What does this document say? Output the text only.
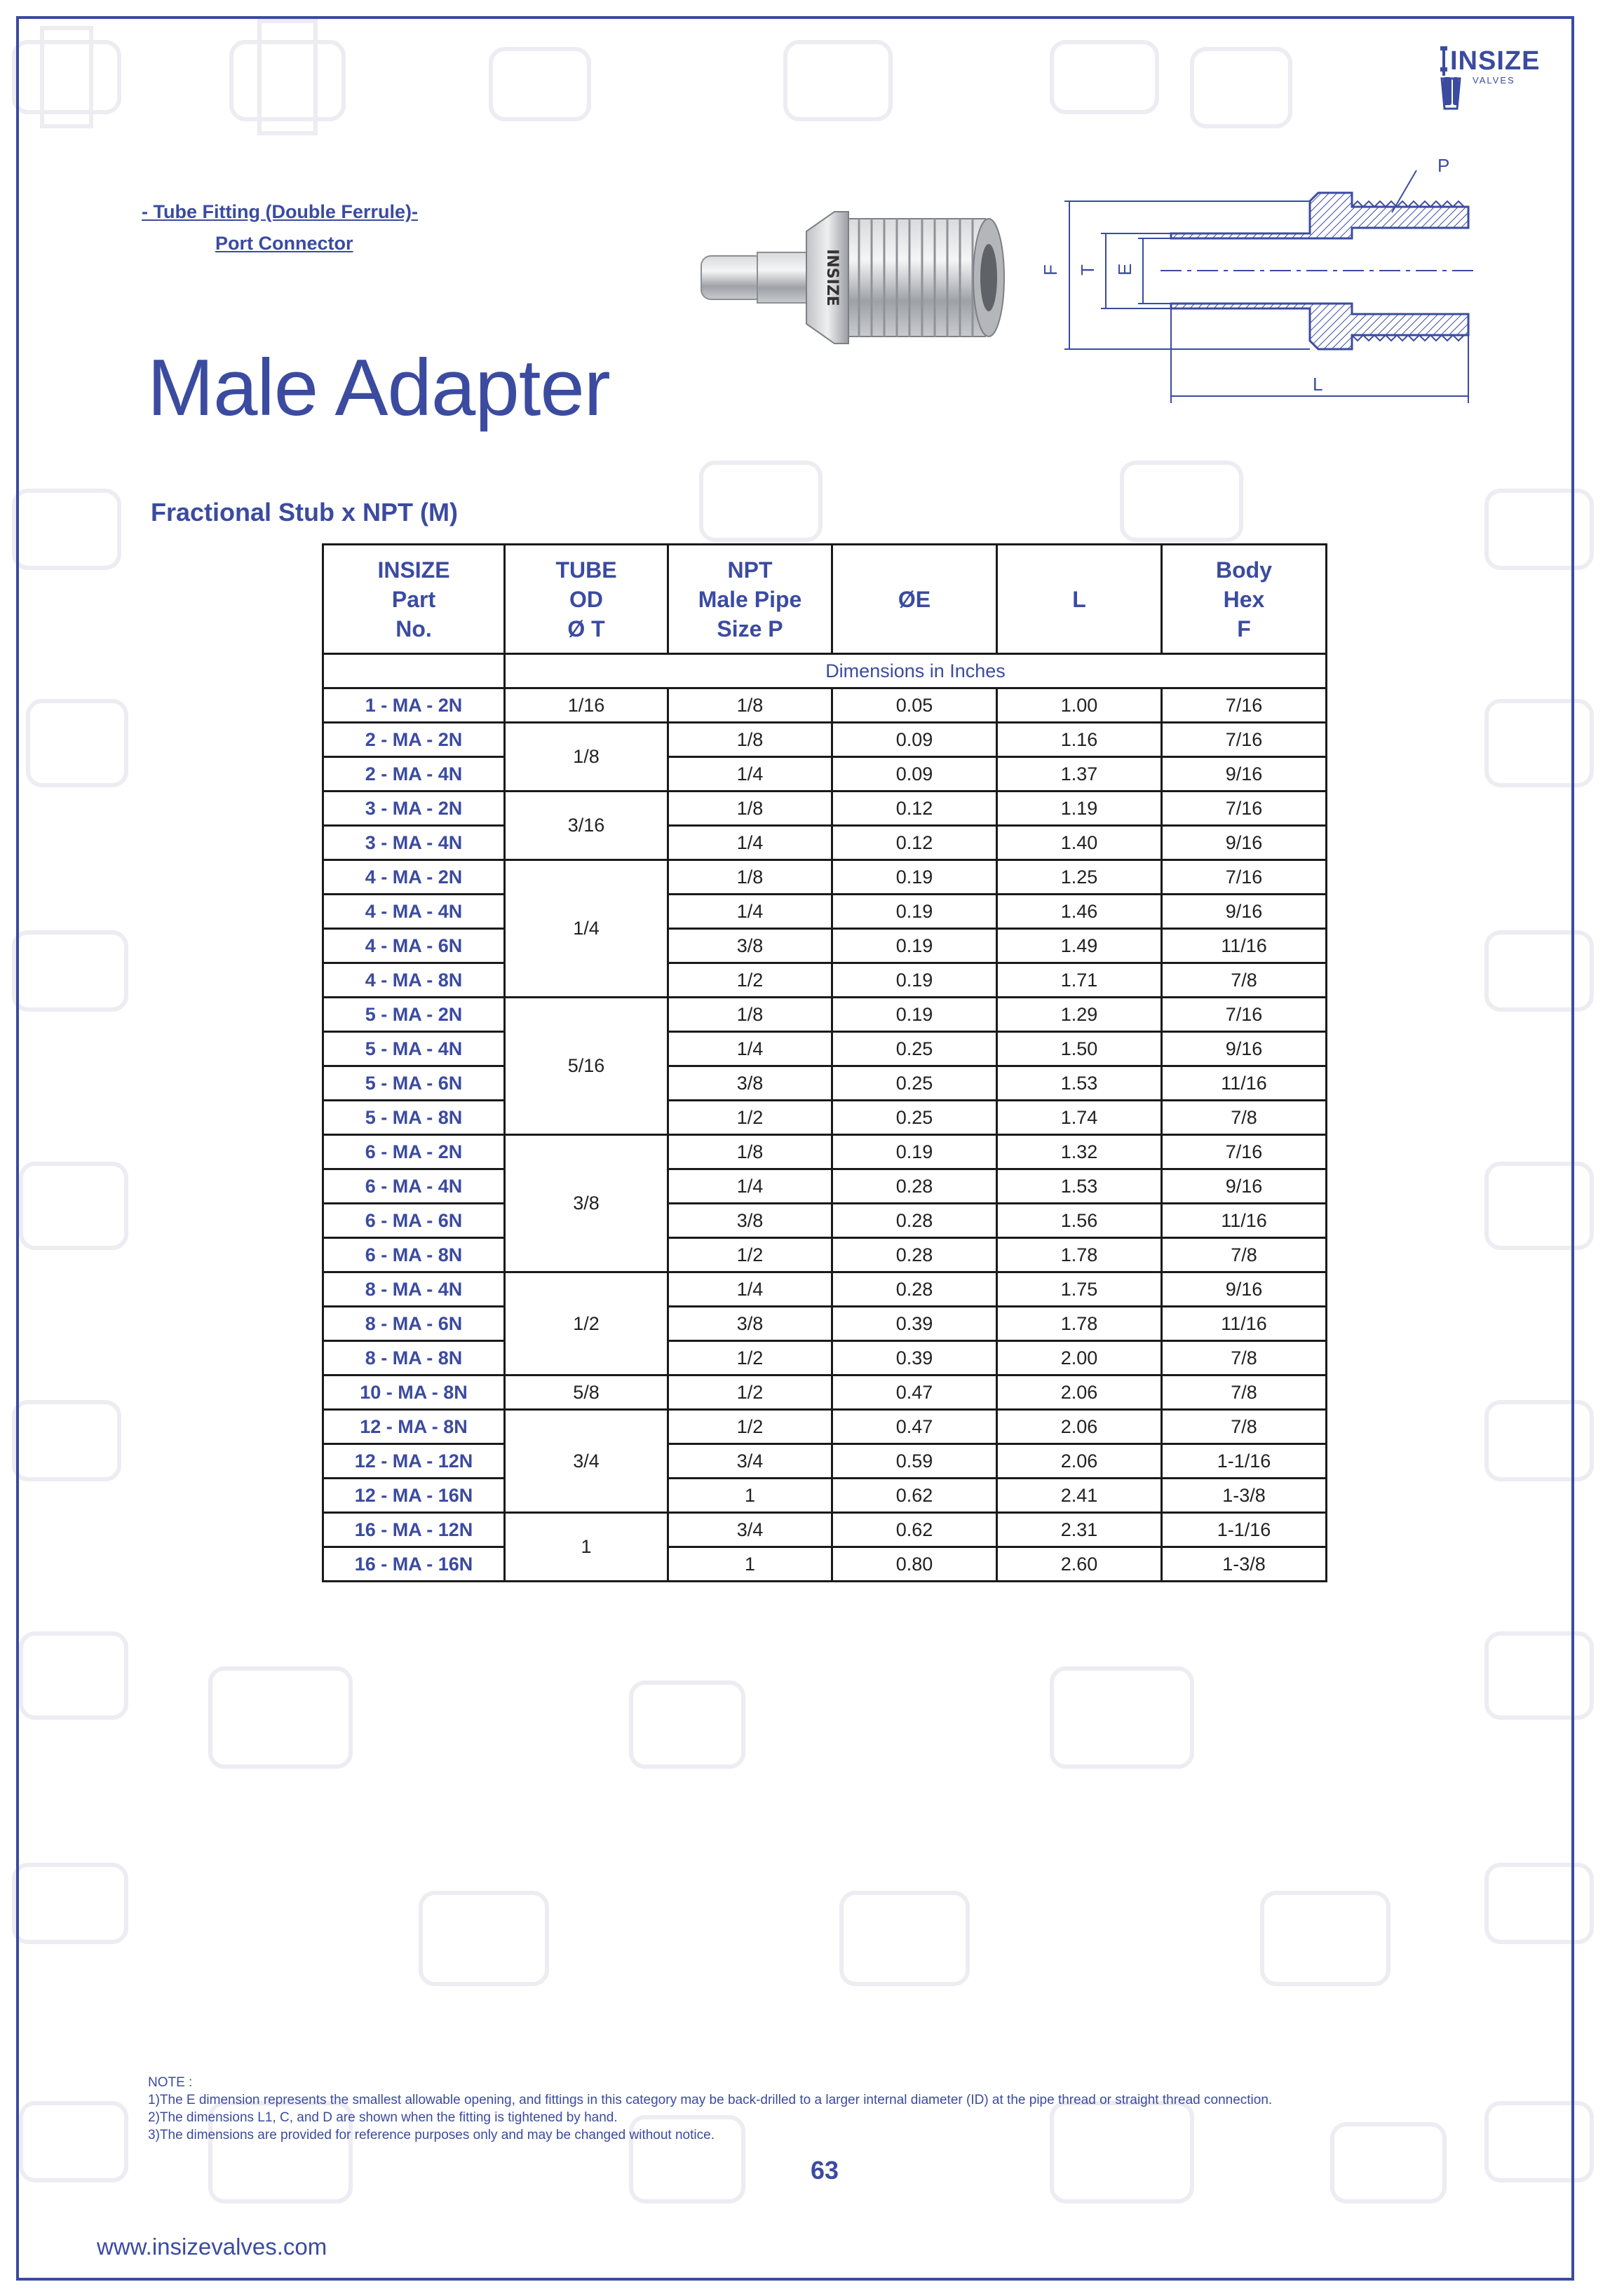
INSIZE
VALVES
- Tube Fitting (Double Ferrule)-
Port Connector
Male Adapter
Fractional Stub x NPT (M)
INSIZE
P
F T E
L
INSIZE
Part
No.	TUBE
OD
Ø T	NPT
Male Pipe
Size P	ØE	L	Body
Hex
F
	Dimensions in Inches				
1 - MA - 2N	1/16	1/8	0.05	1.00	7/16
2 - MA - 2N	1/8	1/8	0.09	1.16	7/16
2 - MA - 4N		1/4	0.09	1.37	9/16
3 - MA - 2N	3/16	1/8	0.12	1.19	7/16
3 - MA - 4N		1/4	0.12	1.40	9/16
4 - MA - 2N	1/4	1/8	0.19	1.25	7/16
4 - MA - 4N		1/4	0.19	1.46	9/16
4 - MA - 6N		3/8	0.19	1.49	11/16
4 - MA - 8N		1/2	0.19	1.71	7/8
5 - MA - 2N	5/16	1/8	0.19	1.29	7/16
5 - MA - 4N		1/4	0.25	1.50	9/16
5 - MA - 6N		3/8	0.25	1.53	11/16
5 - MA - 8N		1/2	0.25	1.74	7/8
6 - MA - 2N	3/8	1/8	0.19	1.32	7/16
6 - MA - 4N		1/4	0.28	1.53	9/16
6 - MA - 6N		3/8	0.28	1.56	11/16
6 - MA - 8N		1/2	0.28	1.78	7/8
8 - MA - 4N	1/2	1/4	0.28	1.75	9/16
8 - MA - 6N		3/8	0.39	1.78	11/16
8 - MA - 8N		1/2	0.39	2.00	7/8
10 - MA - 8N	5/8	1/2	0.47	2.06	7/8
12 - MA - 8N	3/4	1/2	0.47	2.06	7/8
12 - MA - 12N		3/4	0.59	2.06	1-1/16
12 - MA - 16N		1	0.62	2.41	1-3/8
16 - MA - 12N	1	3/4	0.62	2.31	1-1/16
16 - MA - 16N		1	0.80	2.60	1-3/8
NOTE :
1)The E dimension represents the smallest allowable opening, and fittings in this category may be back-drilled to a larger internal diameter (ID) at the pipe thread or straight thread connection.
2)The dimensions L1, C, and D are shown when the fitting is tightened by hand.
3)The dimensions are provided for reference purposes only and may be changed without notice.
63
www.insizevalves.com
